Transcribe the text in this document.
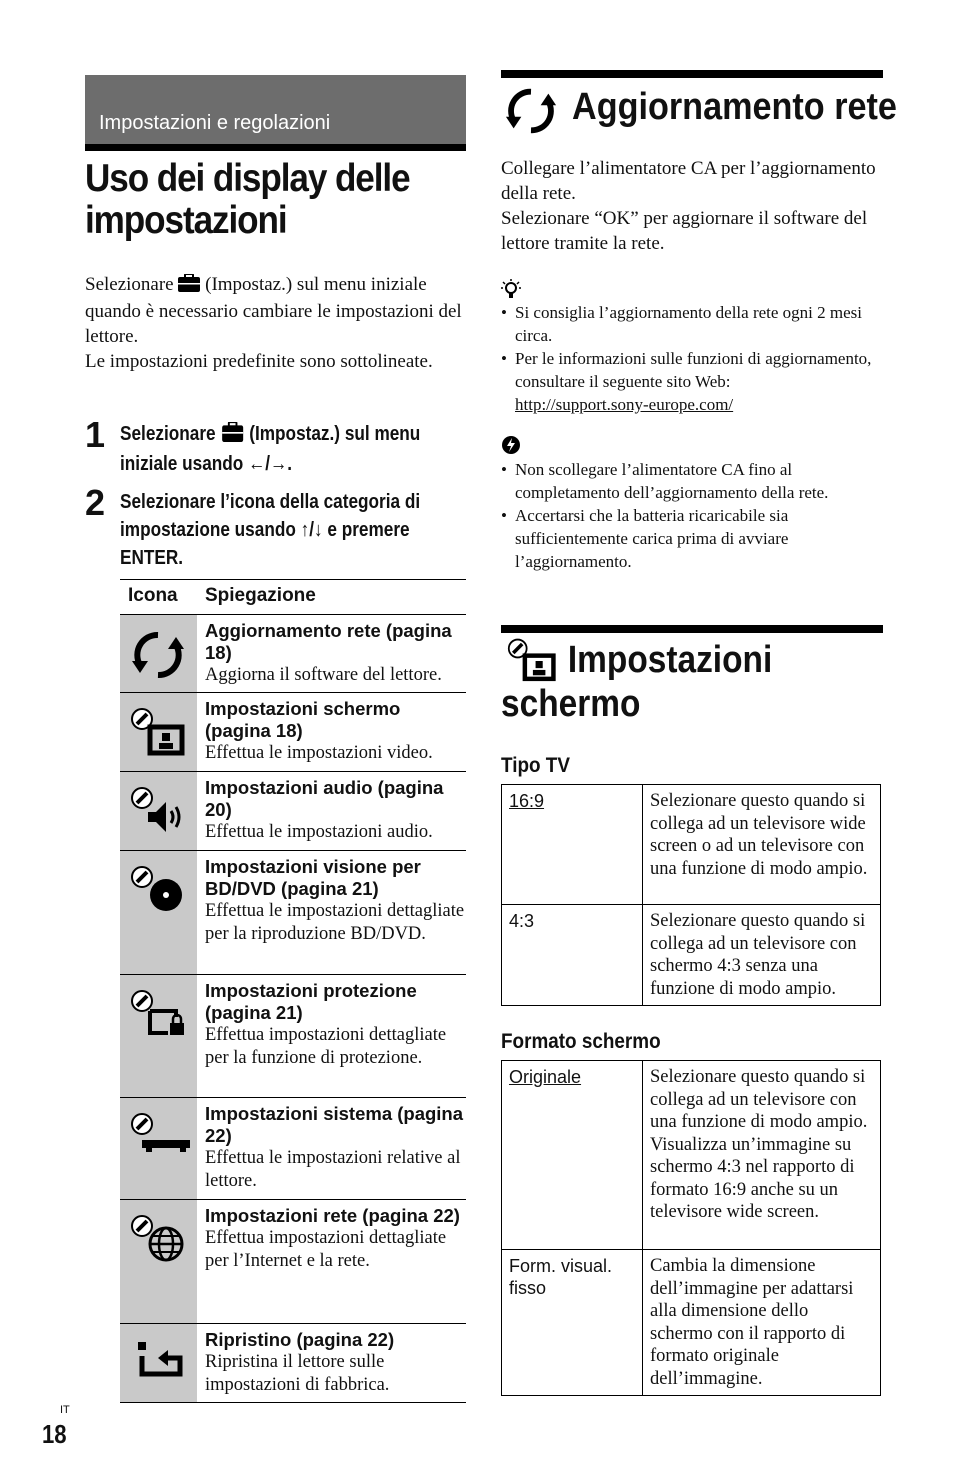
Impostazioni e regolazioni
Uso dei display delle impostazioni
Selezionare (Impostaz.) sul menu iniziale quando è necessario cambiare le impostazioni del lettore.
Le impostazioni predefinite sono sottolineate.
1 Selezionare (Impostaz.) sul menu
iniziale usando ←/→.
2 Selezionare l’icona della categoria di
impostazione usando ↑/↓ e premere
ENTER.
Icona Spiegazione
Aggiornamento rete (pagina 18)
Aggiorna il software del lettore.
Impostazioni schermo (pagina 18)
Effettua le impostazioni video.
Impostazioni audio (pagina 20)
Effettua le impostazioni audio.
Impostazioni visione per BD/DVD (pagina 21)
Effettua le impostazioni dettagliate per la riproduzione BD/DVD.
Impostazioni protezione (pagina 21)
Effettua impostazioni dettagliate per la funzione di protezione.
Impostazioni sistema (pagina 22)
Effettua le impostazioni relative al lettore.
Impostazioni rete (pagina 22)
Effettua impostazioni dettagliate per l’Internet e la rete.
Ripristino (pagina 22)
Ripristina il lettore sulle impostazioni di fabbrica.
Aggiornamento rete
Collegare l’alimentatore CA per l’aggiornamento della rete.
Selezionare “OK” per aggiornare il software del lettore tramite la rete.
• Si consiglia l’aggiornamento della rete ogni 2 mesi circa.
• Per le informazioni sulle funzioni di aggiornamento, consultare il seguente sito Web:
http://support.sony-europe.com/
• Non scollegare l’alimentatore CA fino al completamento dell’aggiornamento della rete.
• Accertarsi che la batteria ricaricabile sia sufficientemente carica prima di avviare l’aggiornamento.
Impostazioni
schermo
Tipo TV
16:9	Selezionare questo quando si collega ad un televisore wide screen o ad un televisore con una funzione di modo ampio.
4:3	Selezionare questo quando si collega ad un televisore con schermo 4:3 senza una funzione di modo ampio.
Formato schermo
Originale	Selezionare questo quando si collega ad un televisore con una funzione di modo ampio. Visualizza un’immagine su schermo 4:3 nel rapporto di formato 16:9 anche su un televisore wide screen.
Form. visual. fisso	Cambia la dimensione dell’immagine per adattarsi alla dimensione dello schermo con il rapporto di formato originale dell’immagine.
IT
18
